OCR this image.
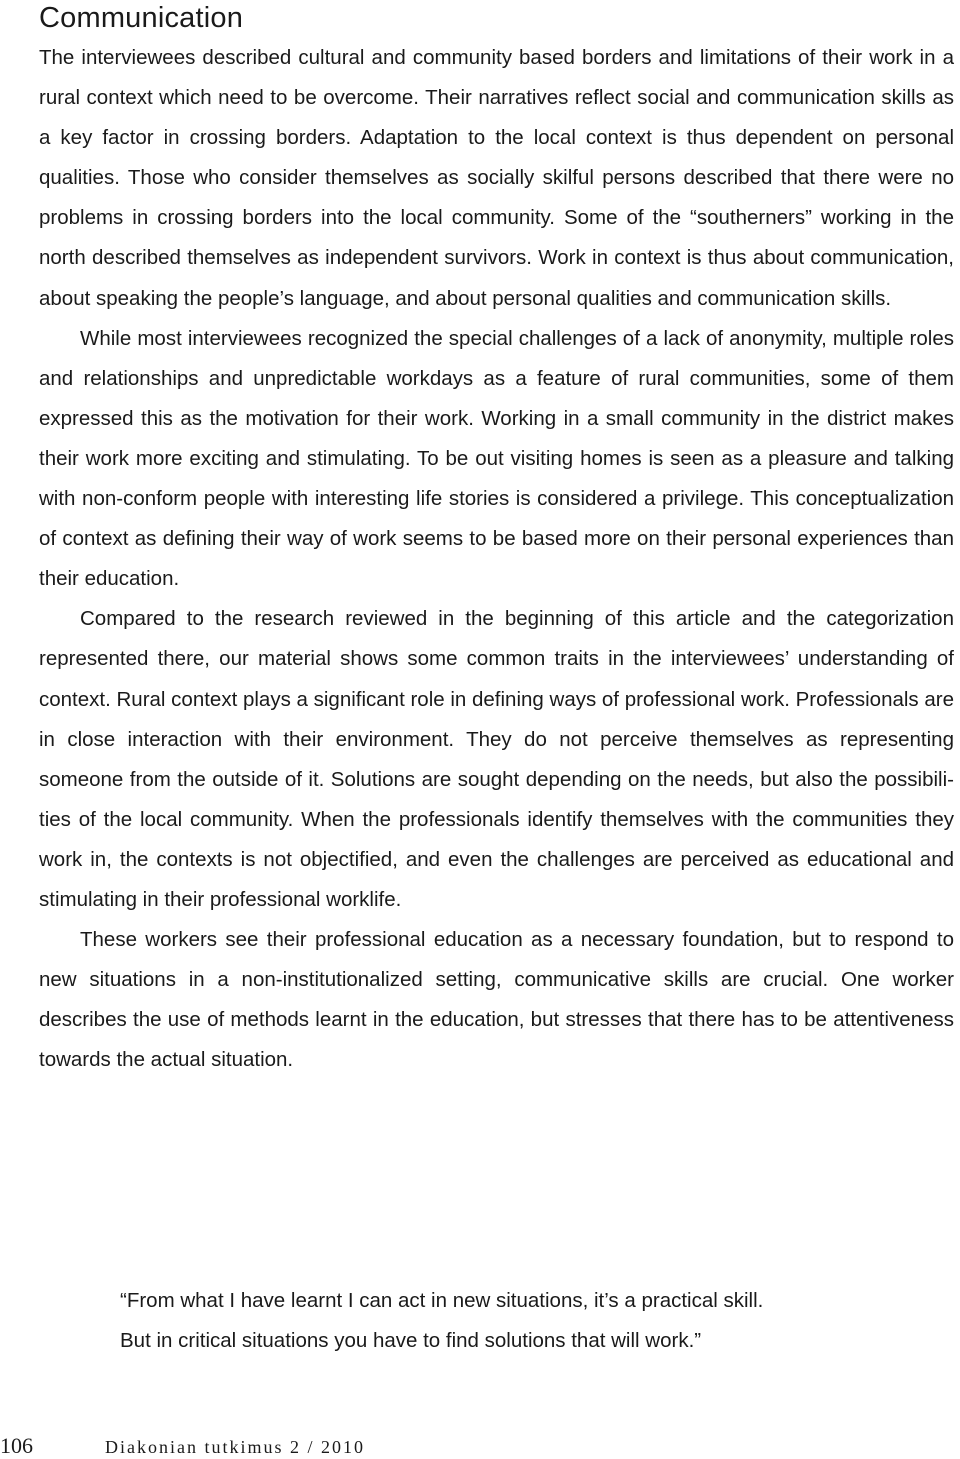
Communication

The interviewees described cultural and community based borders and limitations of their work in a rural context which need to be overcome. Their narratives reflect social and communication skills as a key factor in crossing borders. Adaptation to the local context is thus dependent on personal qualities. Those who consider themselves as socially skilful persons described that there were no problems in crossing borders into the local community. Some of the “southerners” working in the north described themselves as independent survivors. Work in context is thus about communication, about speaking the people’s language, and about personal qualities and communication skills.

While most interviewees recognized the special challenges of a lack of anonymity, multiple roles and relationships and unpredictable workdays as a feature of rural communities, some of them expressed this as the motivation for their work. Working in a small community in the district makes their work more exciting and stimulating. To be out visiting homes is seen as a pleasure and talking with non-conform people with interesting life stories is considered a privilege. This conceptualization of context as defining their way of work seems to be based more on their personal experiences than their education.

Compared to the research reviewed in the beginning of this article and the categorization represented there, our material shows some common traits in the interviewees’ understanding of context. Rural context plays a significant role in defining ways of professional work. Professionals are in close interaction with their environment. They do not perceive themselves as representing someone from the outside of it. Solutions are sought depending on the needs, but also the possibilities of the local community. When the professionals identify themselves with the communities they work in, the contexts is not objectified, and even the challenges are perceived as educational and stimulating in their professional worklife.

These workers see their professional education as a necessary foundation, but to respond to new situations in a non-institutionalized setting, communicative skills are crucial. One worker describes the use of methods learnt in the education, but stresses that there has to be attentiveness towards the actual situation.

“From what I have learnt I can act in new situations, it’s a practical skill.
But in critical situations you have to find solutions that will work.”
106	Diakonian tutkimus 2 / 2010
